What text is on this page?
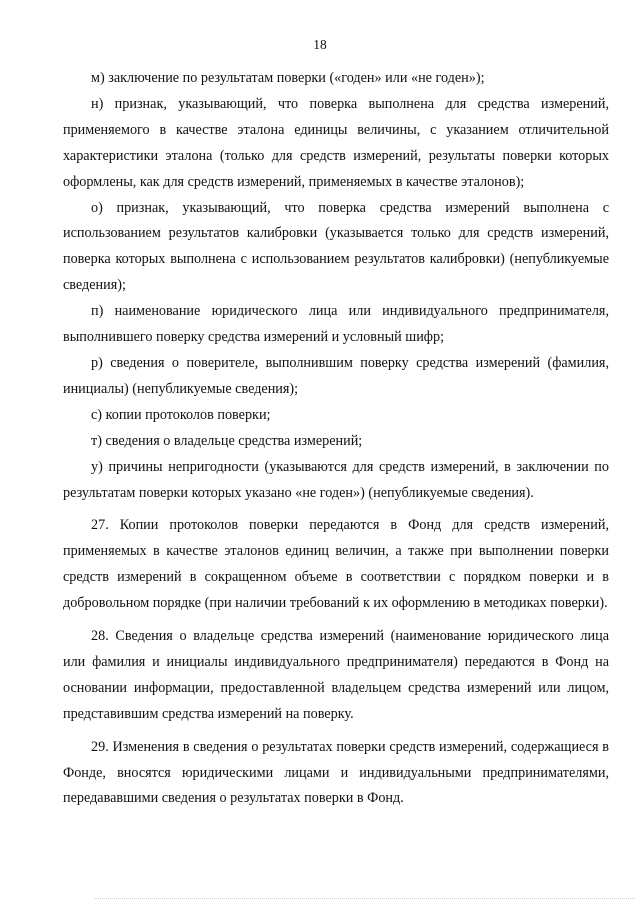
18

м) заключение по результатам поверки («годен» или «не годен»);

н) признак, указывающий, что поверка выполнена для средства измерений, применяемого в качестве эталона единицы величины, с указанием отличительной характеристики эталона (только для средств измерений, результаты поверки которых оформлены, как для средств измерений, применяемых в качестве эталонов);

о) признак, указывающий, что поверка средства измерений выполнена с использованием результатов калибровки (указывается только для средств измерений, поверка которых выполнена с использованием результатов калибровки) (непубликуемые сведения);

п) наименование юридического лица или индивидуального предпринимателя, выполнившего поверку средства измерений и условный шифр;

р) сведения о поверителе, выполнившим поверку средства измерений (фамилия, инициалы) (непубликуемые сведения);

с) копии протоколов поверки;

т) сведения о владельце средства измерений;

у) причины непригодности (указываются для средств измерений, в заключении по результатам поверки которых указано «не годен») (непубликуемые сведения).

27. Копии протоколов поверки передаются в Фонд для средств измерений, применяемых в качестве эталонов единиц величин, а также при выполнении поверки средств измерений в сокращенном объеме в соответствии с порядком поверки и в добровольном порядке (при наличии требований к их оформлению в методиках поверки).

28. Сведения о владельце средства измерений (наименование юридического лица или фамилия и инициалы индивидуального предпринимателя) передаются в Фонд на основании информации, предоставленной владельцем средства измерений или лицом, представившим средства измерений на поверку.

29. Изменения в сведения о результатах поверки средств измерений, содержащиеся в Фонде, вносятся юридическими лицами и индивидуальными предпринимателями, передававшими сведения о результатах поверки в Фонд.
